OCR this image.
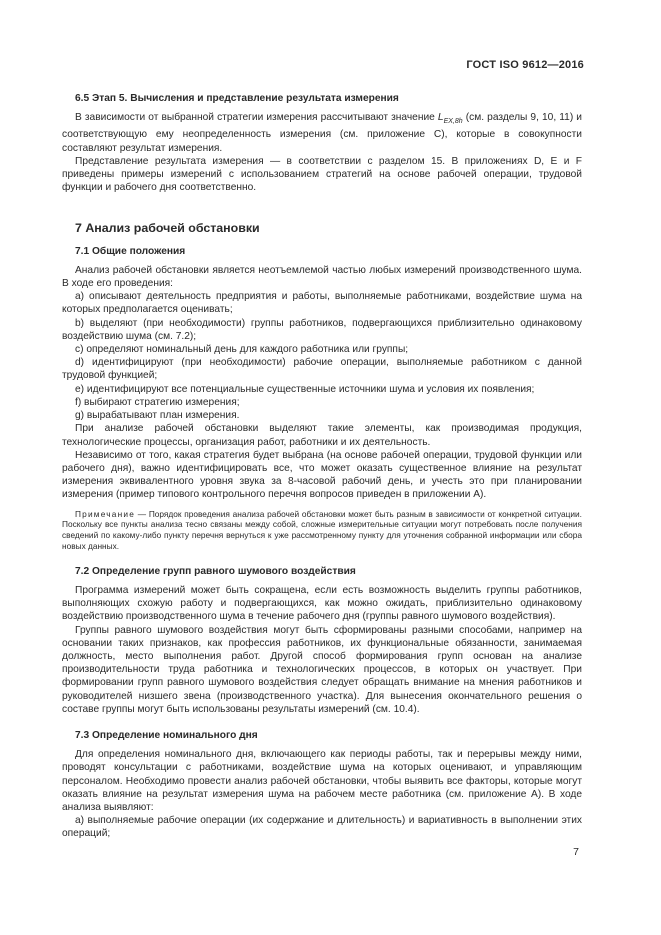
ГОСТ ISO 9612—2016
6.5 Этап 5. Вычисления и представление результата измерения

В зависимости от выбранной стратегии измерения рассчитывают значение $L_{EX,8h}$ (см. разделы 9, 10, 11) и соответствующую ему неопределенность измерения (см. приложение С), которые в совокупности составляют результат измерения.

Представление результата измерения — в соответствии с разделом 15. В приложениях D, E и F приведены примеры измерений с использованием стратегий на основе рабочей операции, трудовой функции и рабочего дня соответственно.

7 Анализ рабочей обстановки
7.1 Общие положения

Анализ рабочей обстановки является неотъемлемой частью любых измерений производственного шума. В ходе его проведения:

a) описывают деятельность предприятия и работы, выполняемые работниками, воздействие шума на которых предполагается оценивать;

b) выделяют (при необходимости) группы работников, подвергающихся приблизительно одинаковому воздействию шума (см. 7.2);

c) определяют номинальный день для каждого работника или группы;

d) идентифицируют (при необходимости) рабочие операции, выполняемые работником с данной трудовой функцией;

e) идентифицируют все потенциальные существенные источники шума и условия их появления;

f) выбирают стратегию измерения;

g) вырабатывают план измерения.

При анализе рабочей обстановки выделяют такие элементы, как производимая продукция, технологические процессы, организация работ, работники и их деятельность.

Независимо от того, какая стратегия будет выбрана (на основе рабочей операции, трудовой функции или рабочего дня), важно идентифицировать все, что может оказать существенное влияние на результат измерения эквивалентного уровня звука за 8-часовой рабочий день, и учесть это при планировании измерения (пример типового контрольного перечня вопросов приведен в приложении А).

Примечание — Порядок проведения анализа рабочей обстановки может быть разным в зависимости от конкретной ситуации. Поскольку все пункты анализа тесно связаны между собой, сложные измерительные ситуации могут потребовать после получения сведений по какому-либо пункту перечня вернуться к уже рассмотренному пункту для уточнения собранной информации или сбора новых данных.

7.2 Определение групп равного шумового воздействия

Программа измерений может быть сокращена, если есть возможность выделить группы работников, выполняющих схожую работу и подвергающихся, как можно ожидать, приблизительно одинаковому воздействию производственного шума в течение рабочего дня (группы равного шумового воздействия).

Группы равного шумового воздействия могут быть сформированы разными способами, например на основании таких признаков, как профессия работников, их функциональные обязанности, занимаемая должность, место выполнения работ. Другой способ формирования групп основан на анализе производительности труда работника и технологических процессов, в которых он участвует. При формировании групп равного шумового воздействия следует обращать внимание на мнения работников и руководителей низшего звена (производственного участка). Для вынесения окончательного решения о составе группы могут быть использованы результаты измерений (см. 10.4).

7.3 Определение номинального дня

Для определения номинального дня, включающего как периоды работы, так и перерывы между ними, проводят консультации с работниками, воздействие шума на которых оценивают, и управляющим персоналом. Необходимо провести анализ рабочей обстановки, чтобы выявить все факторы, которые могут оказать влияние на результат измерения шума на рабочем месте работника (см. приложение А). В ходе анализа выявляют:

a) выполняемые рабочие операции (их содержание и длительность) и вариативность в выполнении этих операций;

7
